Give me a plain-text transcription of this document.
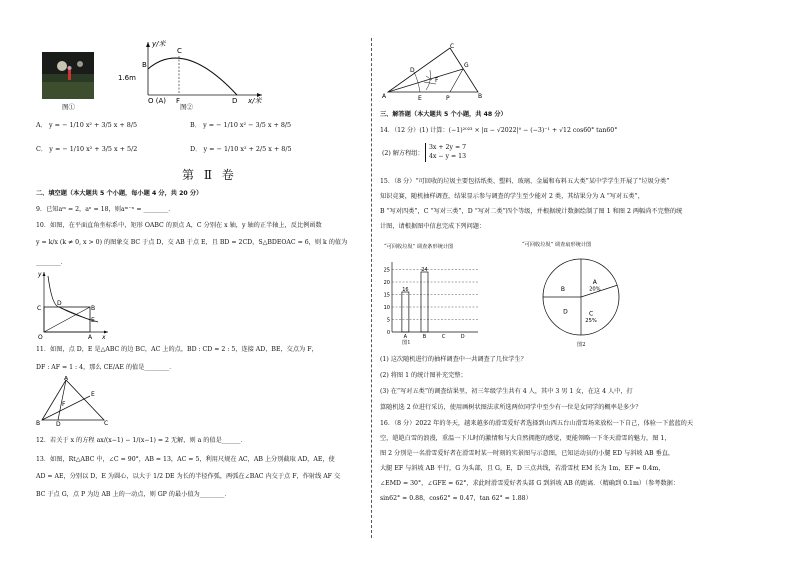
图①
y/米
x/米
C
B
1.6m
O (A) F	D
图②
A． y = − 1/10 x² + 3/5 x + 8/5	B． y = − 1/10 x² − 3/5 x + 8/5
C． y = − 1/10 x² + 3/5 x + 5/2	D． y = − 1/10 x² + 2/5 x + 8/5
第 Ⅱ 卷
二、填空题（本大题共 5 个小题，每小题 4 分，共 20 分）
9．已知aᵐ = 2，aⁿ = 18，则aᵐ⁻ⁿ = ________．
10．如图，在平面直角坐标系中，矩形 OABC 的顶点 A，C 分别在 x 轴，y 轴的正半轴上，反比例函数
y = k/x (k ≠ 0, x > 0) 的图象交 BC 于点 D，交 AB 于点 E，且 BD = 2CD，S△BDEOAC = 6，则 k 的值为
________．
y
C
D
B
E
O	A x
11．如图，点 D，E 是△ABC 的边 BC，AC 上的点，BD : CD = 2 : 5，连接 AD，BE，交点为 F，
DF : AF = 1 : 4，那么 CE/AE 的值是________．
A
E
F
B	D	C
12．若关于 x 的方程 ax/(x−1) − 1/(x−1) = 2 无解，则 a 的值是______．
13．如图，Rt△ABC 中，∠C = 90°，AB = 13，AC = 5，利用尺规在 AC，AB 上分别截取 AD，AE，使
AD = AE，分别以 D，E 为圆心，以大于 1/2 DE 为长的半径作弧，两弧在∠BAC 内交于点 F，作射线 AF 交
BC 于点 G，点 P 为边 AB 上的一动点，则 GP 的最小值为________．
C
G
D
F
A	E	P	B
三、解答题（本大题共 5 个小题，共 48 分）
14．（12 分）(1) 计算：(−1)²⁰²³ × |π − √2022|⁰ − (−3)⁻¹ + √12 cos60° tan60°
(2) 解方程组：
3x + 2y = 7
4x − y = 13
15．（8 分）“可回收的垃圾主要包括纸类、塑料、玻璃、金属和布料五大类”某中学学生开展了“垃圾分类”
知识竞赛，随机抽样调查，结果显示参与调查的学生至少能对 2 类，其结果分为 A “写对五类”，
B “写对四类”，C “写对三类”，D “写对二类”四个等级，并根据统计数据绘制了图 1 和图 2 两幅尚不完整的统
计图，请根据图中信息完成下列问题：
“可回收垃圾” 调查条形统计图
0
5
10
15
20
25
16
A
24
B	C	D
图1
“可回收垃圾” 调查扇形统计图
A
20%
B
C
25%
D
图2
(1) 这次随机进行的抽样调查中一共调查了几位学生？
(2) 将图 1 的统计图补充完整；
(3) 在“写对五类”的调查结果里，初三年级学生共有 4 人，其中 3 男 1 女，在这 4 人中，打
算随机选 2 位进行采访，使用画树状图法求所选两位同学中至少有一位是女同学的概率是多少？
16．（8 分）2022 年的冬天，越来越多的滑雪爱好者选择到山西五台山滑雪场来放松一下自己，体验一下蓝蓝的天
空，皑皑白雪的浪漫，重温一下儿时的激情和与大自然拥抱的感觉，更能领略一下冬天滑雪的魅力，图 1，
图 2 分别是一名滑雪爱好者在滑雪时某一时刻的实景图与示意图，已知运动员的小腿 ED 与斜坡 AB 垂直，
大腿 EF 与斜坡 AB 平行，G 为头部，且 G，E，D 三点共线，若滑雪杖 EM 长为 1m，EF = 0.4m，
∠EMD = 30°，∠GFE = 62°，求此时滑雪爱好者头部 G 到斜坡 AB 的距离．（精确到 0.1m）（参考数据：
sin62° ≈ 0.88，cos62° ≈ 0.47，tan 62° ≈ 1.88）
